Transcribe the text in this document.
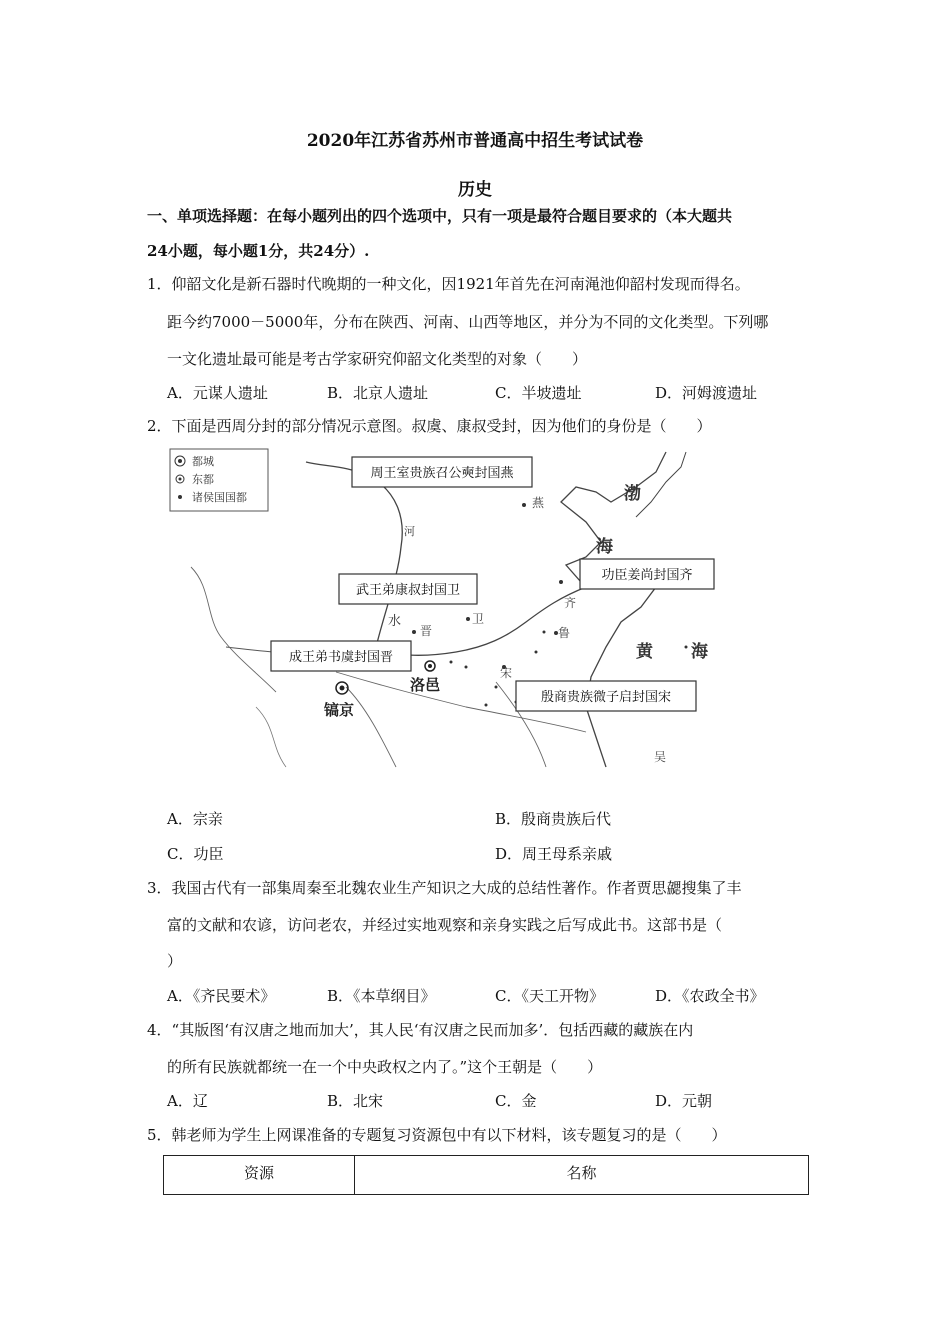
2020年江苏省苏州市普通高中招生考试试卷
历史
一、单项选择题：在每小题列出的四个选项中，只有一项是最符合题目要求的（本大题共
24小题，每小题1分，共24分）.
1．仰韶文化是新石器时代晚期的一种文化，因1921年首先在河南渑池仰韶村发现而得名。
距今约7000－5000年，分布在陕西、河南、山西等地区，并分为不同的文化类型。下列哪
一文化遗址最可能是考古学家研究仰韶文化类型的对象（　　）
A．元谋人遗址	B．北京人遗址	C．半坡遗址	D．河姆渡遗址
2．下面是西周分封的部分情况示意图。叔虞、康叔受封，因为他们的身份是（　　）
都城
东都
诸侯国国都	渤
海
黄 海
河
水
镐京
洛邑
燕
齐
鲁
卫
宋
晋
吴
周王室贵族召公奭封国燕
武王弟康叔封国卫
功臣姜尚封国齐
成王弟书虞封国晋
殷商贵族微子启封国宋
A．宗亲	B．殷商贵族后代
C．功臣	D．周王母系亲戚
3．我国古代有一部集周秦至北魏农业生产知识之大成的总结性著作。作者贾思勰搜集了丰
富的文献和农谚，访问老农，并经过实地观察和亲身实践之后写成此书。这部书是（
）
A．《齐民要术》	B．《本草纲目》	C．《天工开物》	D．《农政全书》
4．“其版图‘有汉唐之地而加大’，其人民‘有汉唐之民而加多’．包括西藏的藏族在内
的所有民族就都统一在一个中央政权之内了。”这个王朝是（　　）
A．辽	B．北宋	C．金	D．元朝
5．韩老师为学生上网课准备的专题复习资源包中有以下材料，该专题复习的是（　　）
资源	名称
